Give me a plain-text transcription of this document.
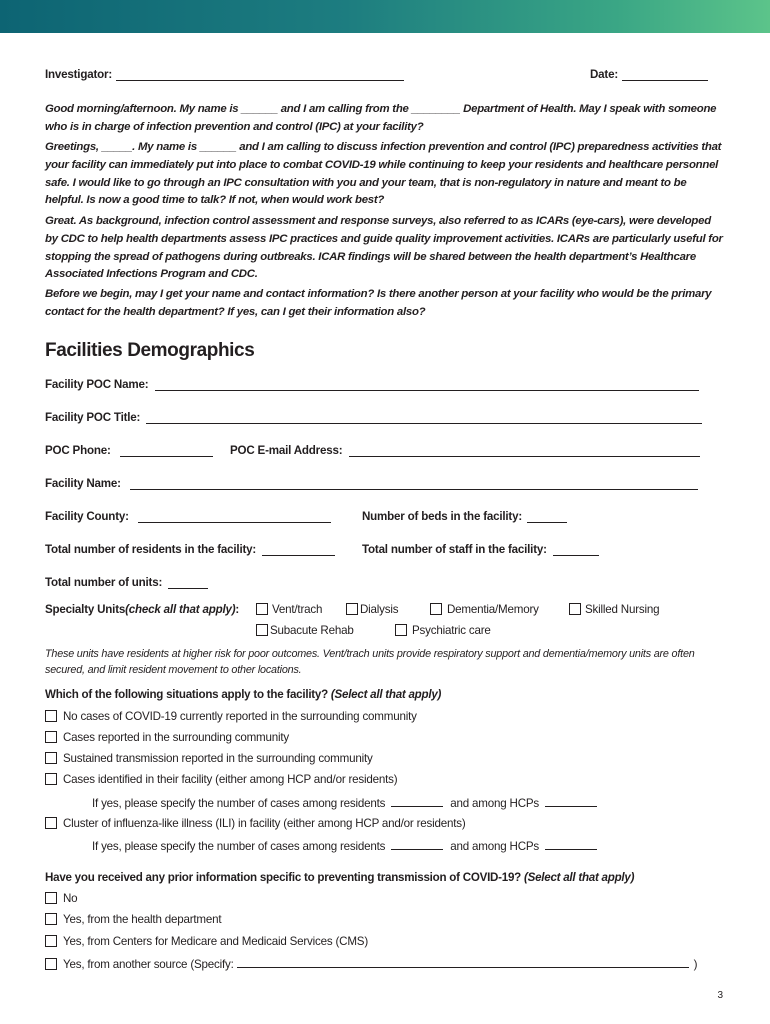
Investigator:	Date:
Good morning/afternoon. My name is ______ and I am calling from the ________ Department of Health. May I speak with someone who is in charge of infection prevention and control (IPC) at your facility?
Greetings, _____. My name is ______ and I am calling to discuss infection prevention and control (IPC) preparedness activities that your facility can immediately put into place to combat COVID-19 while continuing to keep your residents and healthcare personnel safe. I would like to go through an IPC consultation with you and your team, that is non-regulatory in nature and meant to be helpful. Is now a good time to talk? If not, when would work best?
Great. As background, infection control assessment and response surveys, also referred to as ICARs (eye-cars), were developed by CDC to help health departments assess IPC practices and guide quality improvement activities. ICARs are particularly useful for stopping the spread of pathogens during outbreaks. ICAR findings will be shared between the health department’s Healthcare Associated Infections Program and CDC.
Before we begin, may I get your name and contact information? Is there another person at your facility who would be the primary contact for the health department? If yes, can I get their information also?
Facilities Demographics
Facility POC Name:
Facility POC Title:
POC Phone:	POC E-mail Address:
Facility Name:
Facility County:	Number of beds in the facility:
Total number of residents in the facility:	Total number of staff in the facility:
Total number of units:
Specialty Units (check all that apply) :	Vent/trach	Dialysis	Dementia/Memory	Skilled Nursing
Subacute Rehab	Psychiatric care
These units have residents at higher risk for poor outcomes. Vent/trach units provide respiratory support and dementia/memory units are often secured, and limit resident movement to other locations.
Which of the following situations apply to the facility? (Select all that apply)
No cases of COVID-19 currently reported in the surrounding community
Cases reported in the surrounding community
Sustained transmission reported in the surrounding community
Cases identified in their facility (either among HCP and/or residents)
If yes, please specify the number of cases among residents	and among HCPs
Cluster of influenza-like illness (ILI) in facility (either among HCP and/or residents)
If yes, please specify the number of cases among residents	and among HCPs
Have you received any prior information specific to preventing transmission of COVID-19? (Select all that apply)
No
Yes, from the health department
Yes, from Centers for Medicare and Medicaid Services (CMS)
Yes, from another source (Specify:	)
3
